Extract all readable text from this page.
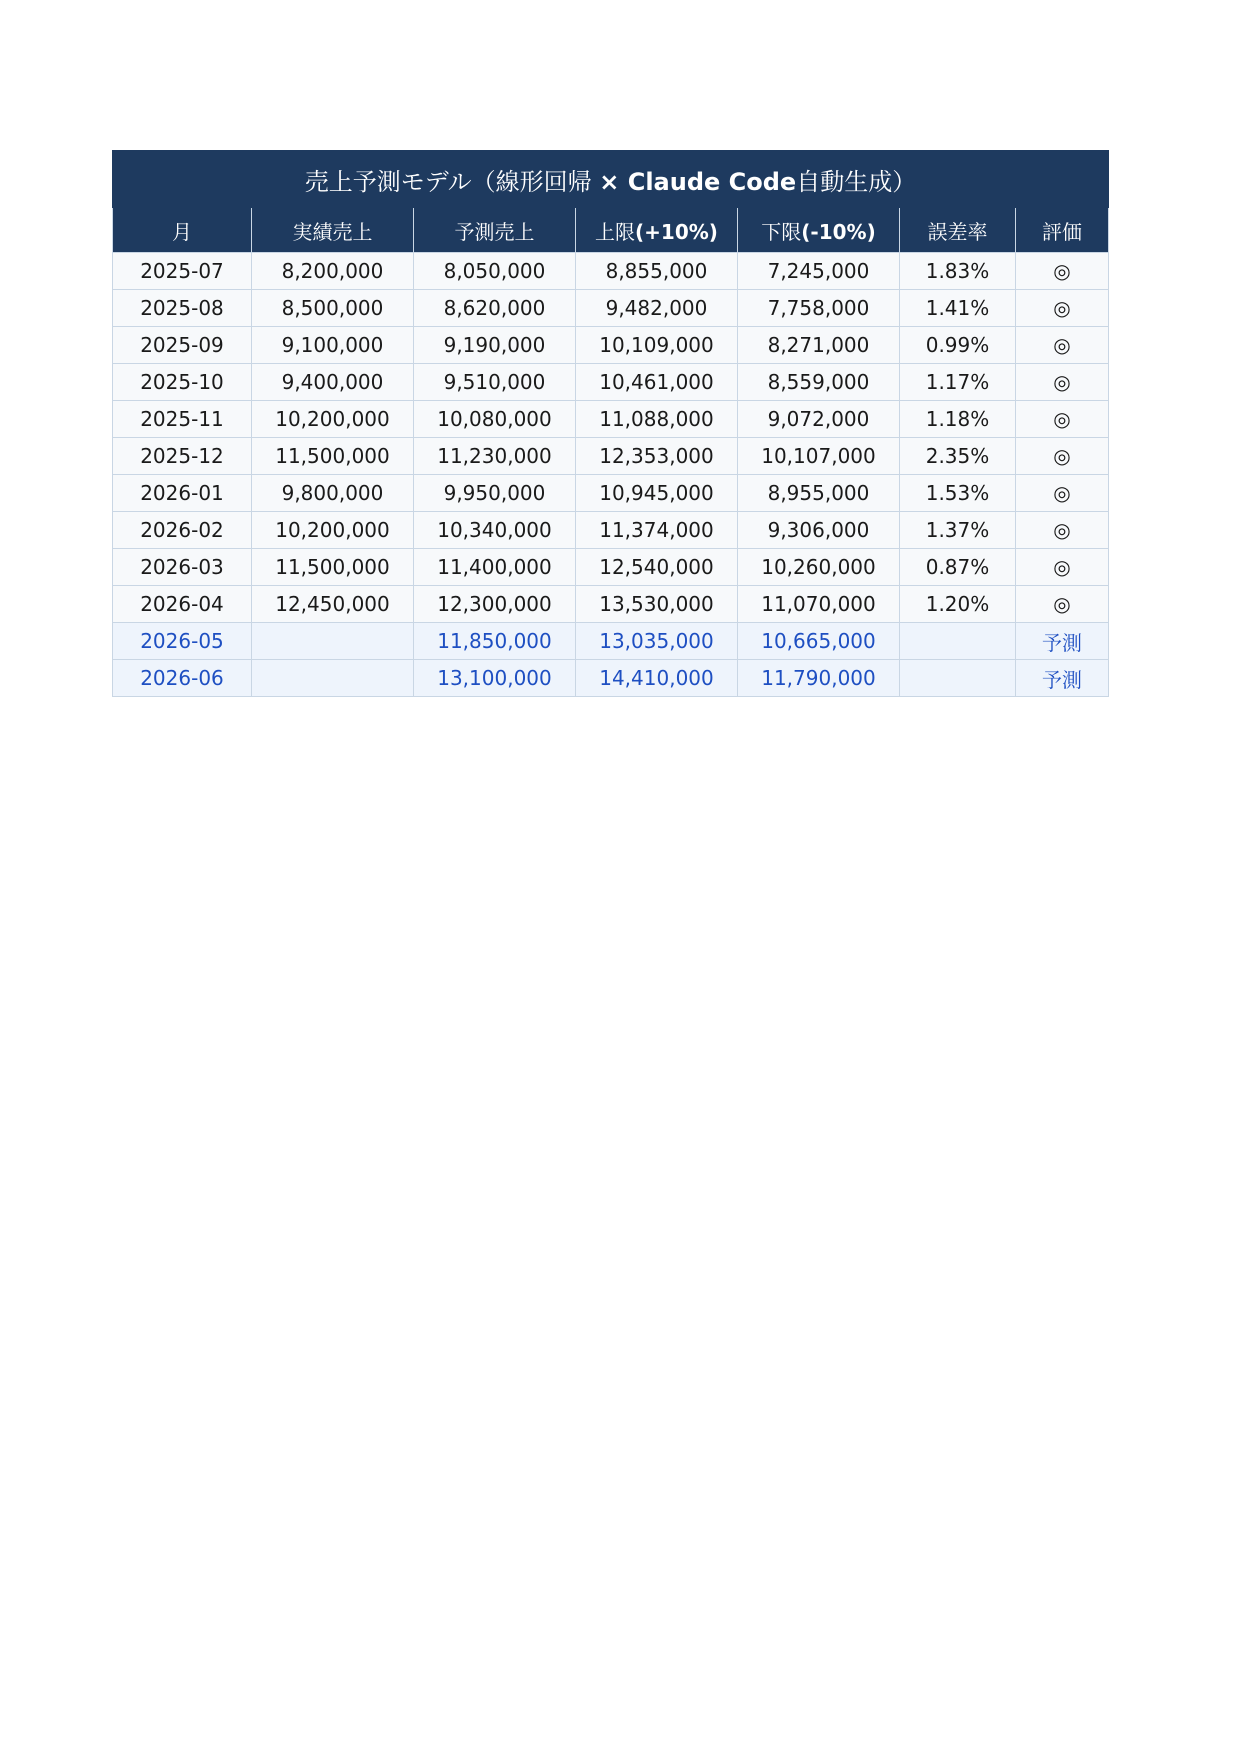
売上予測モデル（線形回帰 × Claude Code自動生成）						
月	実績売上	予測売上	上限(+10%)	下限(-10%)	誤差率	評価
2025-07	8,200,000	8,050,000	8,855,000	7,245,000	1.83%	◎
2025-08	8,500,000	8,620,000	9,482,000	7,758,000	1.41%	◎
2025-09	9,100,000	9,190,000	10,109,000	8,271,000	0.99%	◎
2025-10	9,400,000	9,510,000	10,461,000	8,559,000	1.17%	◎
2025-11	10,200,000	10,080,000	11,088,000	9,072,000	1.18%	◎
2025-12	11,500,000	11,230,000	12,353,000	10,107,000	2.35%	◎
2026-01	9,800,000	9,950,000	10,945,000	8,955,000	1.53%	◎
2026-02	10,200,000	10,340,000	11,374,000	9,306,000	1.37%	◎
2026-03	11,500,000	11,400,000	12,540,000	10,260,000	0.87%	◎
2026-04	12,450,000	12,300,000	13,530,000	11,070,000	1.20%	◎
2026-05		11,850,000	13,035,000	10,665,000		予測
2026-06		13,100,000	14,410,000	11,790,000		予測
